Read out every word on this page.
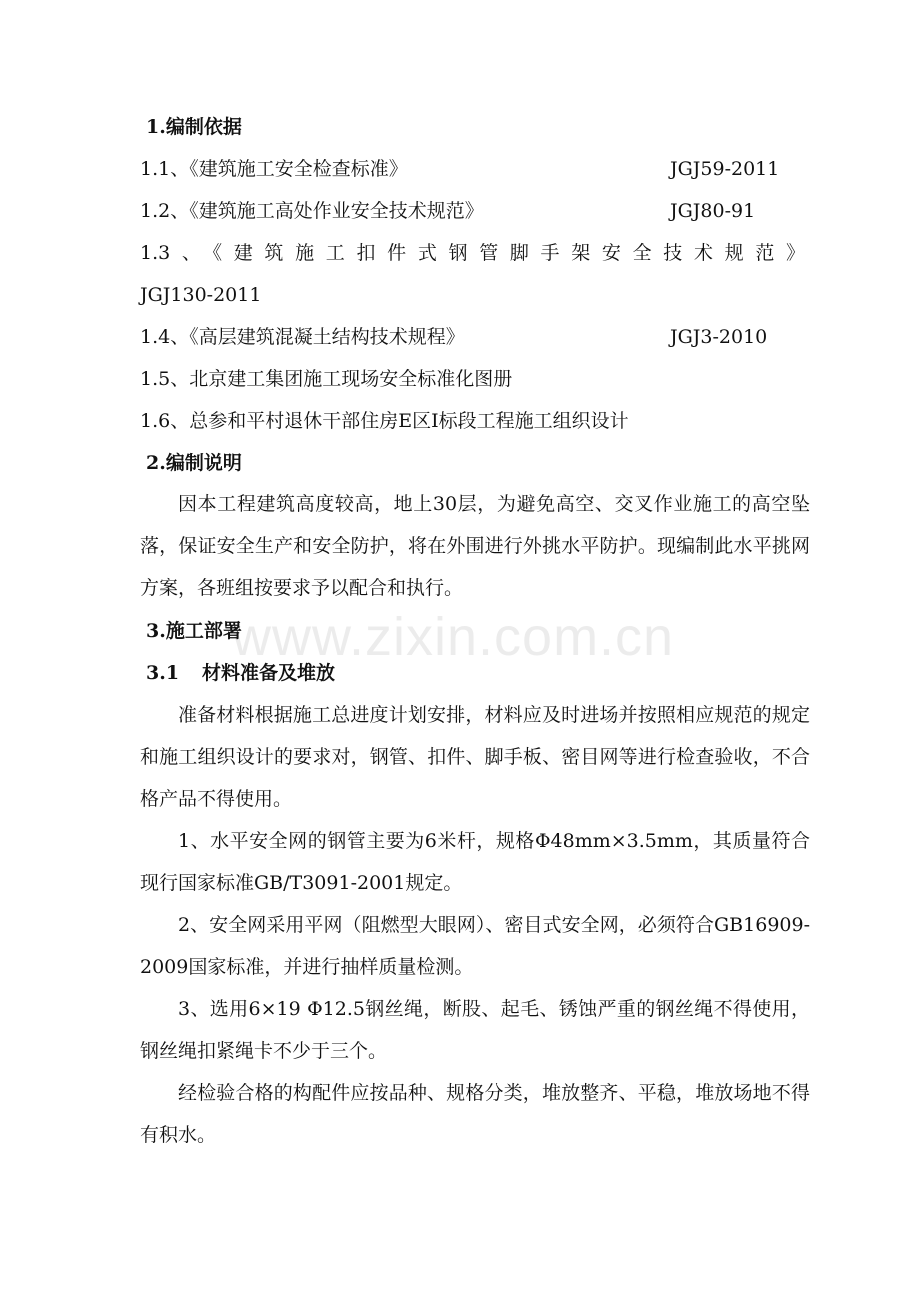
www.zixin.com.cn
1.编制依据
1.1、《建筑施工安全检查标准》	JGJ59-2011
1.2、《建筑施工高处作业安全技术规范》	JGJ80-91
1.3、《建筑施工扣件式钢管脚手架安全技术规范》
JGJ130-2011
1.4、《高层建筑混凝土结构技术规程》	JGJ3-2010
1.5、北京建工集团施工现场安全标准化图册
1.6、总参和平村退休干部住房E区Ⅰ标段工程施工组织设计
2.编制说明
因本工程建筑高度较高，地上30层，为避免高空、交叉作业施工的高空坠落，保证安全生产和安全防护，将在外围进行外挑水平防护。现编制此水平挑网方案，各班组按要求予以配合和执行。
3.施工部署
3.1 材料准备及堆放
准备材料根据施工总进度计划安排，材料应及时进场并按照相应规范的规定和施工组织设计的要求对，钢管、扣件、脚手板、密目网等进行检查验收，不合格产品不得使用。
1、水平安全网的钢管主要为6米杆，规格Φ48mm×3.5mm，其质量符合现行国家标准GB/T3091-2001规定。
2、安全网采用平网（阻燃型大眼网）、密目式安全网，必须符合GB16909-2009国家标准，并进行抽样质量检测。
3、选用6×19 Φ12.5钢丝绳，断股、起毛、锈蚀严重的钢丝绳不得使用，钢丝绳扣紧绳卡不少于三个。
经检验合格的构配件应按品种、规格分类，堆放整齐、平稳，堆放场地不得有积水。
